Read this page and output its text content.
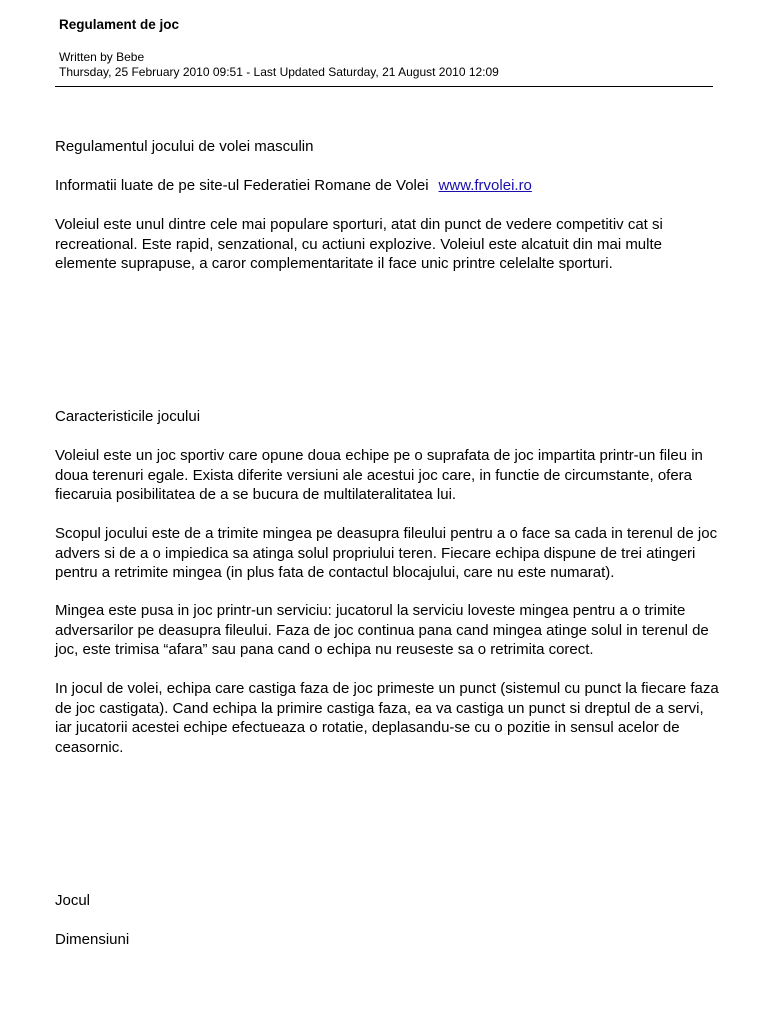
Regulament de joc
Written by Bebe
Thursday, 25 February 2010 09:51 - Last Updated Saturday, 21 August 2010 12:09

Regulamentul jocului de volei masculin

Informatii luate de pe site-ul Federatiei Romane de Volei www.frvolei.ro

Voleiul este unul dintre cele mai populare sporturi, atat din punct de vedere competitiv cat si recreational. Este rapid, senzational, cu actiuni explozive. Voleiul este alcatuit din mai multe elemente suprapuse, a caror complementaritate il face unic printre celelalte sporturi.

Caracteristicile jocului

Voleiul este un joc sportiv care opune doua echipe pe o suprafata de joc impartita printr-un fileu in doua terenuri egale. Exista diferite versiuni ale acestui joc care, in functie de circumstante, ofera fiecaruia posibilitatea de a se bucura de multilateralitatea lui.

Scopul jocului este de a trimite mingea pe deasupra fileului pentru a o face sa cada in terenul de joc advers si de a o impiedica sa atinga solul propriului teren. Fiecare echipa dispune de trei atingeri pentru a retrimite mingea (in plus fata de contactul blocajului, care nu este numarat).

Mingea este pusa in joc printr-un serviciu: jucatorul la serviciu loveste mingea pentru a o trimite adversarilor pe deasupra fileului. Faza de joc continua pana cand mingea atinge solul in terenul de joc, este trimisa “afara” sau pana cand o echipa nu reuseste sa o retrimita corect.

In jocul de volei, echipa care castiga faza de joc primeste un punct (sistemul cu punct la fiecare faza de joc castigata). Cand echipa la primire castiga faza, ea va castiga un punct si dreptul de a servi, iar jucatorii acestei echipe efectueaza o rotatie, deplasandu-se cu o pozitie in sensul acelor de ceasornic.

Jocul

Dimensiuni
